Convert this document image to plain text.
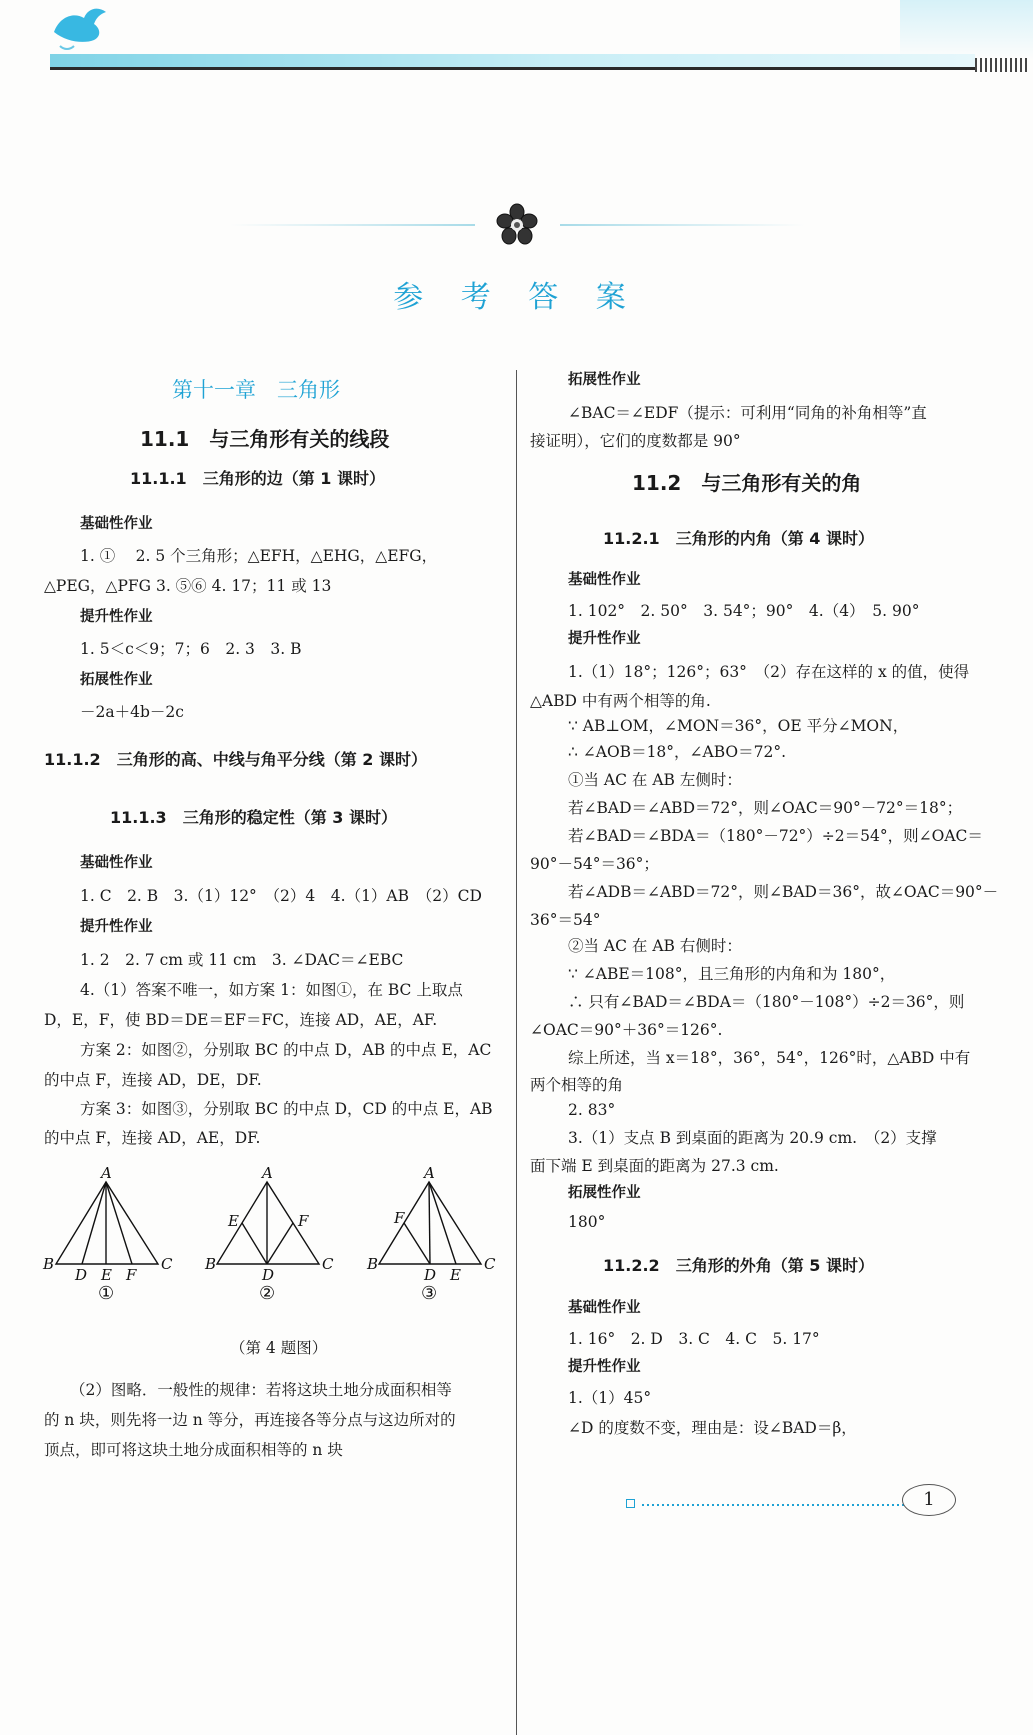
参 考 答 案
第十一章　三角形
11.1　与三角形有关的线段
11.1.1　三角形的边（第 1 课时）
基础性作业
1. ①　 2. 5 个三角形；△EFH，△EHG，△EFG，
△PEG，△PFG 3. ⑤⑥ 4. 17；11 或 13
提升性作业
1. 5＜c＜9；7；6　2. 3　3. B
拓展性作业
－2a＋4b－2c
11.1.2　三角形的高、中线与角平分线（第 2 课时）
11.1.3　三角形的稳定性（第 3 课时）
基础性作业
1. C　2. B　3.（1）12°　（2）4　4.（1）AB　（2）CD
提升性作业
1. 2　2. 7 cm 或 11 cm　3. ∠DAC＝∠EBC
4.（1）答案不唯一，如方案 1：如图①，在 BC 上取点
D，E，F，使 BD＝DE＝EF＝FC，连接 AD，AE，AF.
方案 2：如图②，分别取 BC 的中点 D，AB 的中点 E，AC
的中点 F，连接 AD，DE，DF.
方案 3：如图③，分别取 BC 的中点 D，CD 的中点 E，AB
的中点 F，连接 AD，AE，DF.
（第 4 题图）
（2）图略．一般性的规律：若将这块土地分成面积相等
的 n 块，则先将一边 n 等分，再连接各等分点与这边所对的
顶点，即可将这块土地分成面积相等的 n 块
拓展性作业
∠BAC＝∠EDF（提示：可利用“同角的补角相等”直
接证明），它们的度数都是 90°
11.2　与三角形有关的角
11.2.1　三角形的内角（第 4 课时）
基础性作业
1. 102°　2. 50°　3. 54°；90°　4.（4）　5. 90°
提升性作业
1.（1）18°；126°；63°　（2）存在这样的 x 的值，使得
△ABD 中有两个相等的角.
∵ AB⊥OM，∠MON＝36°，OE 平分∠MON，
∴ ∠AOB＝18°，∠ABO＝72°.
①当 AC 在 AB 左侧时：
若∠BAD＝∠ABD＝72°，则∠OAC＝90°－72°＝18°；
若∠BAD＝∠BDA＝（180°－72°）÷2＝54°，则∠OAC＝
90°－54°＝36°；
若∠ADB＝∠ABD＝72°，则∠BAD＝36°，故∠OAC＝90°－
36°＝54°
②当 AC 在 AB 右侧时：
∵ ∠ABE＝108°，且三角形的内角和为 180°，
∴ 只有∠BAD＝∠BDA＝（180°－108°）÷2＝36°，则
∠OAC＝90°＋36°＝126°.
综上所述，当 x＝18°，36°，54°，126°时，△ABD 中有
两个相等的角
2. 83°
3.（1）支点 B 到桌面的距离为 20.9 cm.　（2）支撑
面下端 E 到桌面的距离为 27.3 cm.
拓展性作业
180°
11.2.2　三角形的外角（第 5 课时）
基础性作业
1. 16°　2. D　3. C　4. C　5. 17°
提升性作业
1.（1）45°
∠D 的度数不变，理由是：设∠BAD＝β，
A
B	C
D E F
A
B	C
D
E	F
A
B	C
D E
F
①	②	③
1
